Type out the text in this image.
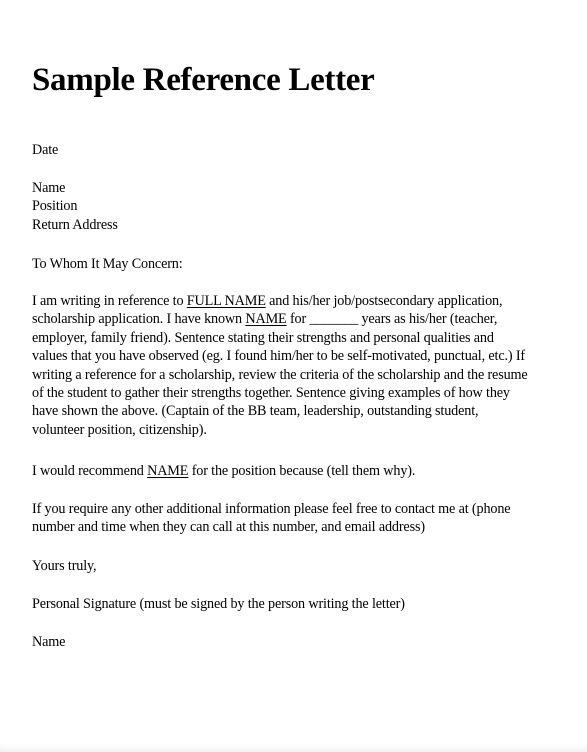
Sample Reference Letter
Date
Name
Position
Return Address
To Whom It May Concern:
I am writing in reference to FULL NAME and his/her job/postsecondary application,
scholarship application. I have known NAME for _______ years as his/her (teacher,
employer, family friend). Sentence stating their strengths and personal qualities and
values that you have observed (eg. I found him/her to be self-motivated, punctual, etc.) If
writing a reference for a scholarship, review the criteria of the scholarship and the resume
of the student to gather their strengths together. Sentence giving examples of how they
have shown the above. (Captain of the BB team, leadership, outstanding student,
volunteer position, citizenship).
I would recommend NAME for the position because (tell them why).
If you require any other additional information please feel free to contact me at (phone
number and time when they can call at this number, and email address)
Yours truly,
Personal Signature (must be signed by the person writing the letter)
Name
